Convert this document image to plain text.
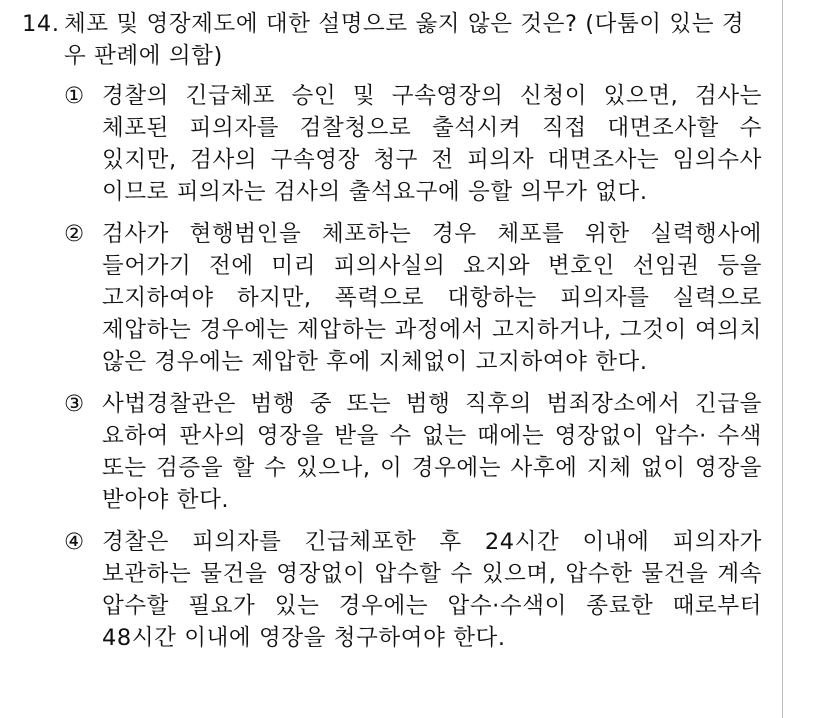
14. 체포 및 영장제도에 대한 설명으로 옳지 않은 것은? (다툼이 있는 경우 판례에 의함)
① 경찰의 긴급체포 승인 및 구속영장의 신청이 있으면, 검사는 체포된 피의자를 검찰청으로 출석시켜 직접 대면조사할 수 있지만, 검사의 구속영장 청구 전 피의자 대면조사는 임의수사 이므로 피의자는 검사의 출석요구에 응할 의무가 없다.
② 검사가 현행범인을 체포하는 경우 체포를 위한 실력행사에 들어가기 전에 미리 피의사실의 요지와 변호인 선임권 등을 고지하여야 하지만, 폭력으로 대항하는 피의자를 실력으로 제압하는 경우에는 제압하는 과정에서 고지하거나, 그것이 여의치 않은 경우에는 제압한 후에 지체없이 고지하여야 한다.
③ 사법경찰관은 범행 중 또는 범행 직후의 범죄장소에서 긴급을 요하여 판사의 영장을 받을 수 없는 때에는 영장없이 압수· 수색 또는 검증을 할 수 있으나, 이 경우에는 사후에 지체 없이 영장을 받아야 한다.
④ 경찰은 피의자를 긴급체포한 후 24시간 이내에 피의자가 보관하는 물건을 영장없이 압수할 수 있으며, 압수한 물건을 계속 압수할 필요가 있는 경우에는 압수·수색이 종료한 때로부터 48시간 이내에 영장을 청구하여야 한다.
